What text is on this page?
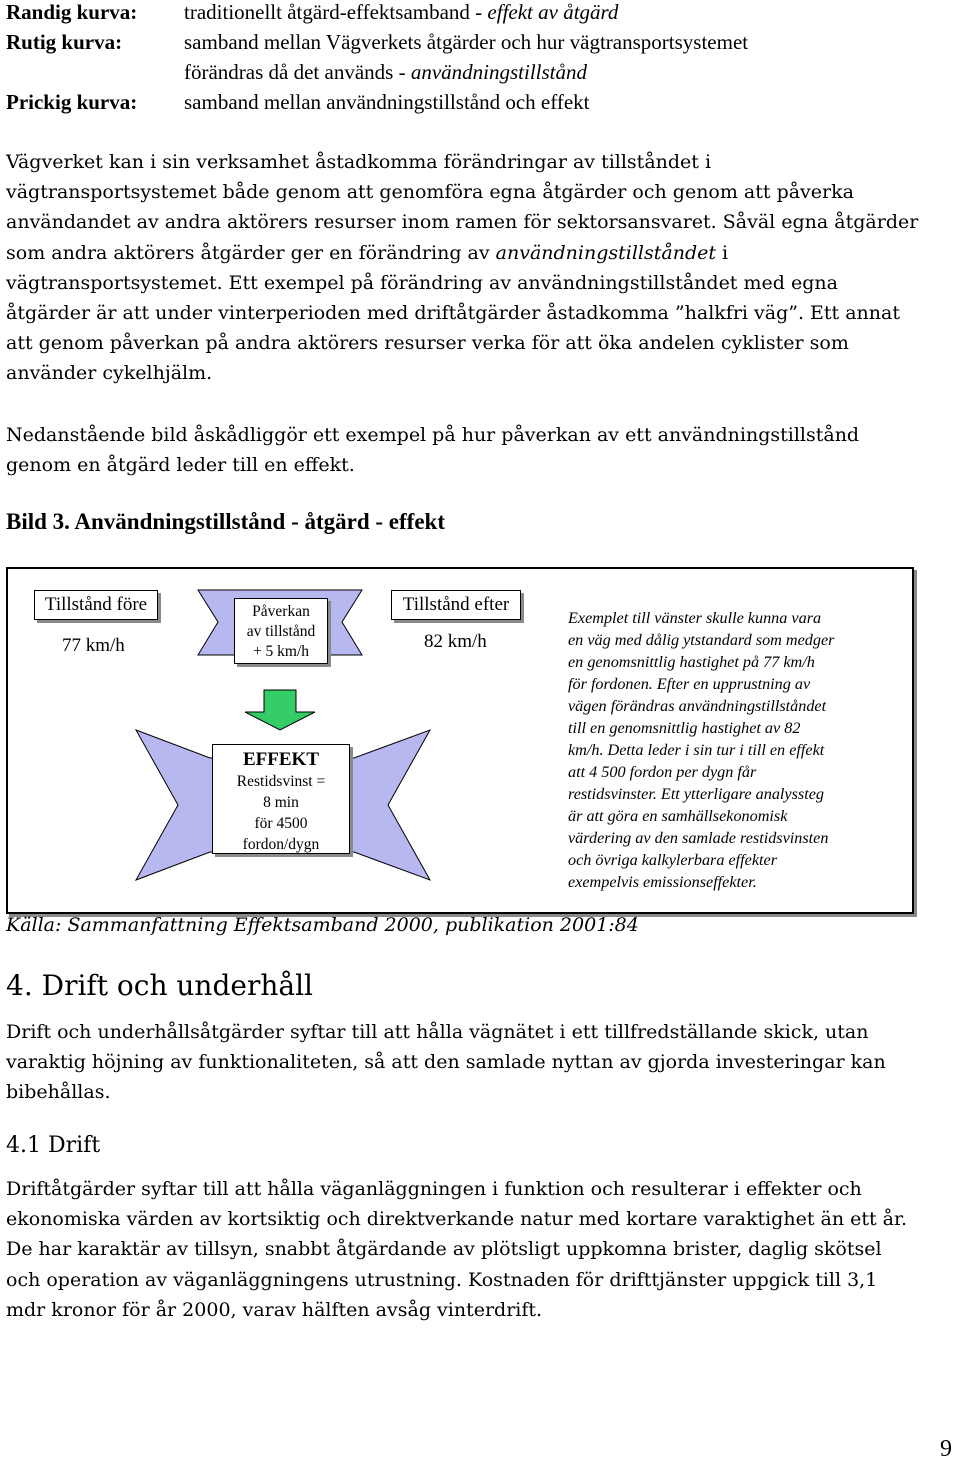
Randig kurva: traditionellt åtgärd-effektsamband - effekt av åtgärd
Rutig kurva:	samband mellan Vägverkets åtgärder och hur vägtransportsystemet
förändras då det används - användningstillstånd
Prickig kurva: samband mellan användningstillstånd och effekt

Vägverket kan i sin verksamhet åstadkomma förändringar av tillståndet i
vägtransportsystemet både genom att genomföra egna åtgärder och genom att påverka
användandet av andra aktörers resurser inom ramen för sektorsansvaret. Såväl egna åtgärder
som andra aktörers åtgärder ger en förändring av användningstillståndet i
vägtransportsystemet. Ett exempel på förändring av användningstillståndet med egna
åtgärder är att under vinterperioden med driftåtgärder åstadkomma ”halkfri väg”. Ett annat
att genom påverkan på andra aktörers resurser verka för att öka andelen cyklister som
använder cykelhjälm.

Nedanstående bild åskådliggör ett exempel på hur påverkan av ett användningstillstånd
genom en åtgärd leder till en effekt.

Bild 3. Användningstillstånd - åtgärd - effekt
Tillstånd före
77 km/h
Påverkan
av tillstånd
+ 5 km/h
Tillstånd efter
82 km/h
EFFEKT
Restidsvinst =
8 min
för 4500
fordon/dygn
Exemplet till vänster skulle kunna vara
en väg med dålig ytstandard som medger
en genomsnittlig hastighet på 77 km/h
för fordonen. Efter en upprustning av
vägen förändras användningstillståndet
till en genomsnittlig hastighet av 82
km/h. Detta leder i sin tur i till en effekt
att 4 500 fordon per dygn får
restidsvinster. Ett ytterligare analyssteg
är att göra en samhällsekonomisk
värdering av den samlade restidsvinsten
och övriga kalkylerbara effekter
exempelvis emissionseffekter.
Källa: Sammanfattning Effektsamband 2000, publikation 2001:84
4. Drift och underhåll

Drift och underhållsåtgärder syftar till att hålla vägnätet i ett tillfredställande skick, utan
varaktig höjning av funktionaliteten, så att den samlade nyttan av gjorda investeringar kan
bibehållas.

4.1 Drift

Driftåtgärder syftar till att hålla väganläggningen i funktion och resulterar i effekter och
ekonomiska värden av kortsiktig och direktverkande natur med kortare varaktighet än ett år.
De har karaktär av tillsyn, snabbt åtgärdande av plötsligt uppkomna brister, daglig skötsel
och operation av väganläggningens utrustning. Kostnaden för drifttjänster uppgick till 3,1
mdr kronor för år 2000, varav hälften avsåg vinterdrift.

9
